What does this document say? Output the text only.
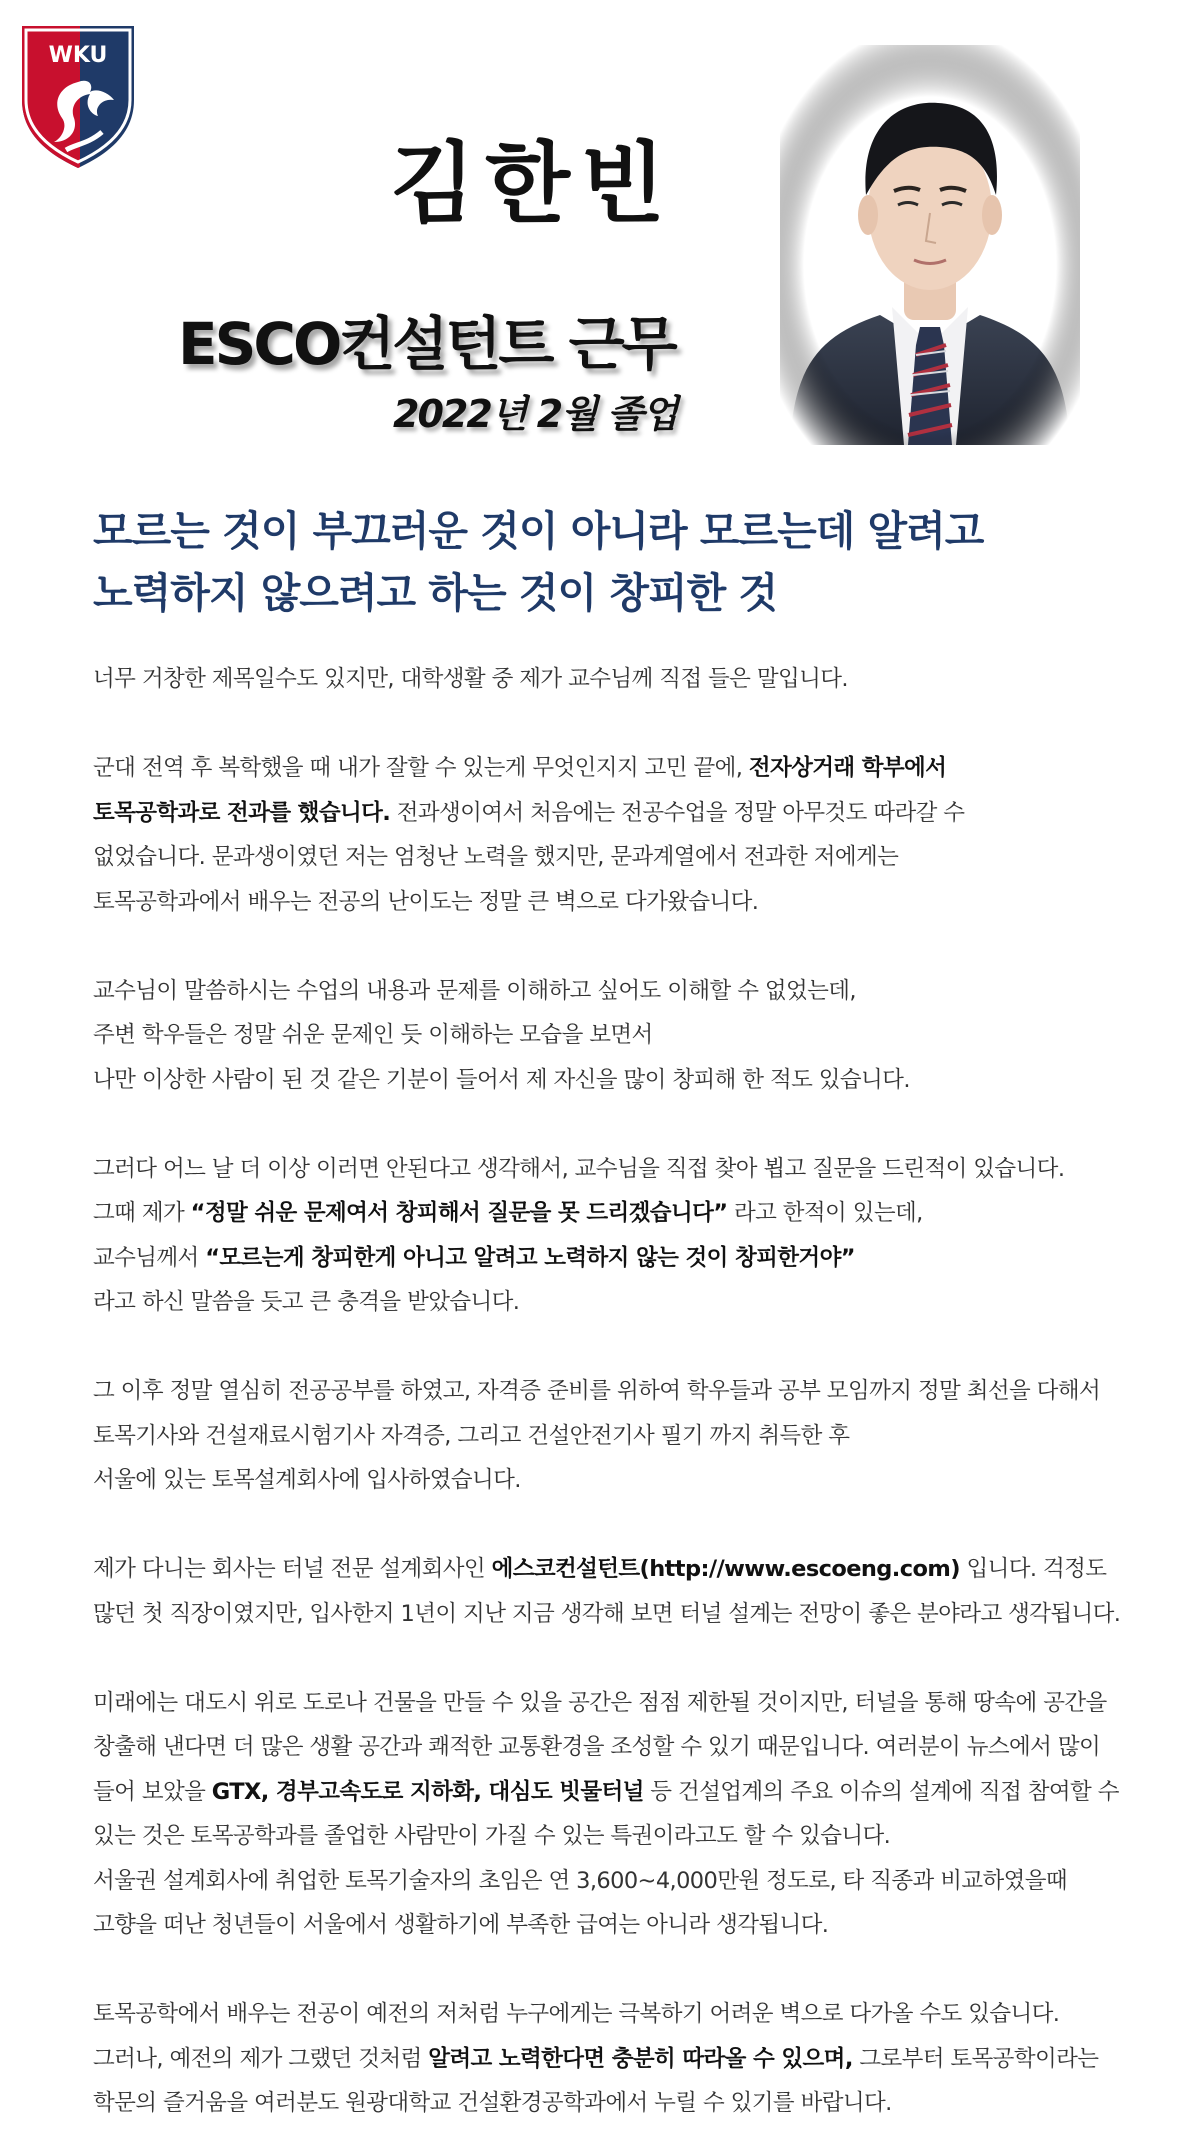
WKU
김한빈
ESCO컨설턴트 근무
2022년 2월 졸업
모르는 것이 부끄러운 것이 아니라 모르는데 알려고
노력하지 않으려고 하는 것이 창피한 것

너무 거창한 제목일수도 있지만, 대학생활 중 제가 교수님께 직접 들은 말입니다.

군대 전역 후 복학했을 때 내가 잘할 수 있는게 무엇인지지 고민 끝에, 전자상거래 학부에서
토목공학과로 전과를 했습니다. 전과생이여서 처음에는 전공수업을 정말 아무것도 따라갈 수
없었습니다. 문과생이였던 저는 엄청난 노력을 했지만, 문과계열에서 전과한 저에게는
토목공학과에서 배우는 전공의 난이도는 정말 큰 벽으로 다가왔습니다.

교수님이 말씀하시는 수업의 내용과 문제를 이해하고 싶어도 이해할 수 없었는데,
주변 학우들은 정말 쉬운 문제인 듯 이해하는 모습을 보면서
나만 이상한 사람이 된 것 같은 기분이 들어서 제 자신을 많이 창피해 한 적도 있습니다.

그러다 어느 날 더 이상 이러면 안된다고 생각해서, 교수님을 직접 찾아 뵙고 질문을 드린적이 있습니다.
그때 제가 “정말 쉬운 문제여서 창피해서 질문을 못 드리겠습니다” 라고 한적이 있는데,
교수님께서 “모르는게 창피한게 아니고 알려고 노력하지 않는 것이 창피한거야”
라고 하신 말씀을 듯고 큰 충격을 받았습니다.

그 이후 정말 열심히 전공공부를 하였고, 자격증 준비를 위하여 학우들과 공부 모임까지 정말 최선을 다해서
토목기사와 건설재료시험기사 자격증, 그리고 건설안전기사 필기 까지 취득한 후
서울에 있는 토목설계회사에 입사하였습니다.

제가 다니는 회사는 터널 전문 설계회사인 에스코컨설턴트(http://www.escoeng.com) 입니다. 걱정도
많던 첫 직장이였지만, 입사한지 1년이 지난 지금 생각해 보면 터널 설계는 전망이 좋은 분야라고 생각됩니다.

미래에는 대도시 위로 도로나 건물을 만들 수 있을 공간은 점점 제한될 것이지만, 터널을 통해 땅속에 공간을
창출해 낸다면 더 많은 생활 공간과 쾌적한 교통환경을 조성할 수 있기 때문입니다. 여러분이 뉴스에서 많이
들어 보았을 GTX, 경부고속도로 지하화, 대심도 빗물터널 등 건설업계의 주요 이슈의 설계에 직접 참여할 수
있는 것은 토목공학과를 졸업한 사람만이 가질 수 있는 특권이라고도 할 수 있습니다.
서울권 설계회사에 취업한 토목기술자의 초임은 연 3,600~4,000만원 정도로, 타 직종과 비교하였을때
고향을 떠난 청년들이 서울에서 생활하기에 부족한 급여는 아니라 생각됩니다.

토목공학에서 배우는 전공이 예전의 저처럼 누구에게는 극복하기 어려운 벽으로 다가올 수도 있습니다.
그러나, 예전의 제가 그랬던 것처럼 알려고 노력한다면 충분히 따라올 수 있으며, 그로부터 토목공학이라는
학문의 즐거움을 여러분도 원광대학교 건설환경공학과에서 누릴 수 있기를 바랍니다.
